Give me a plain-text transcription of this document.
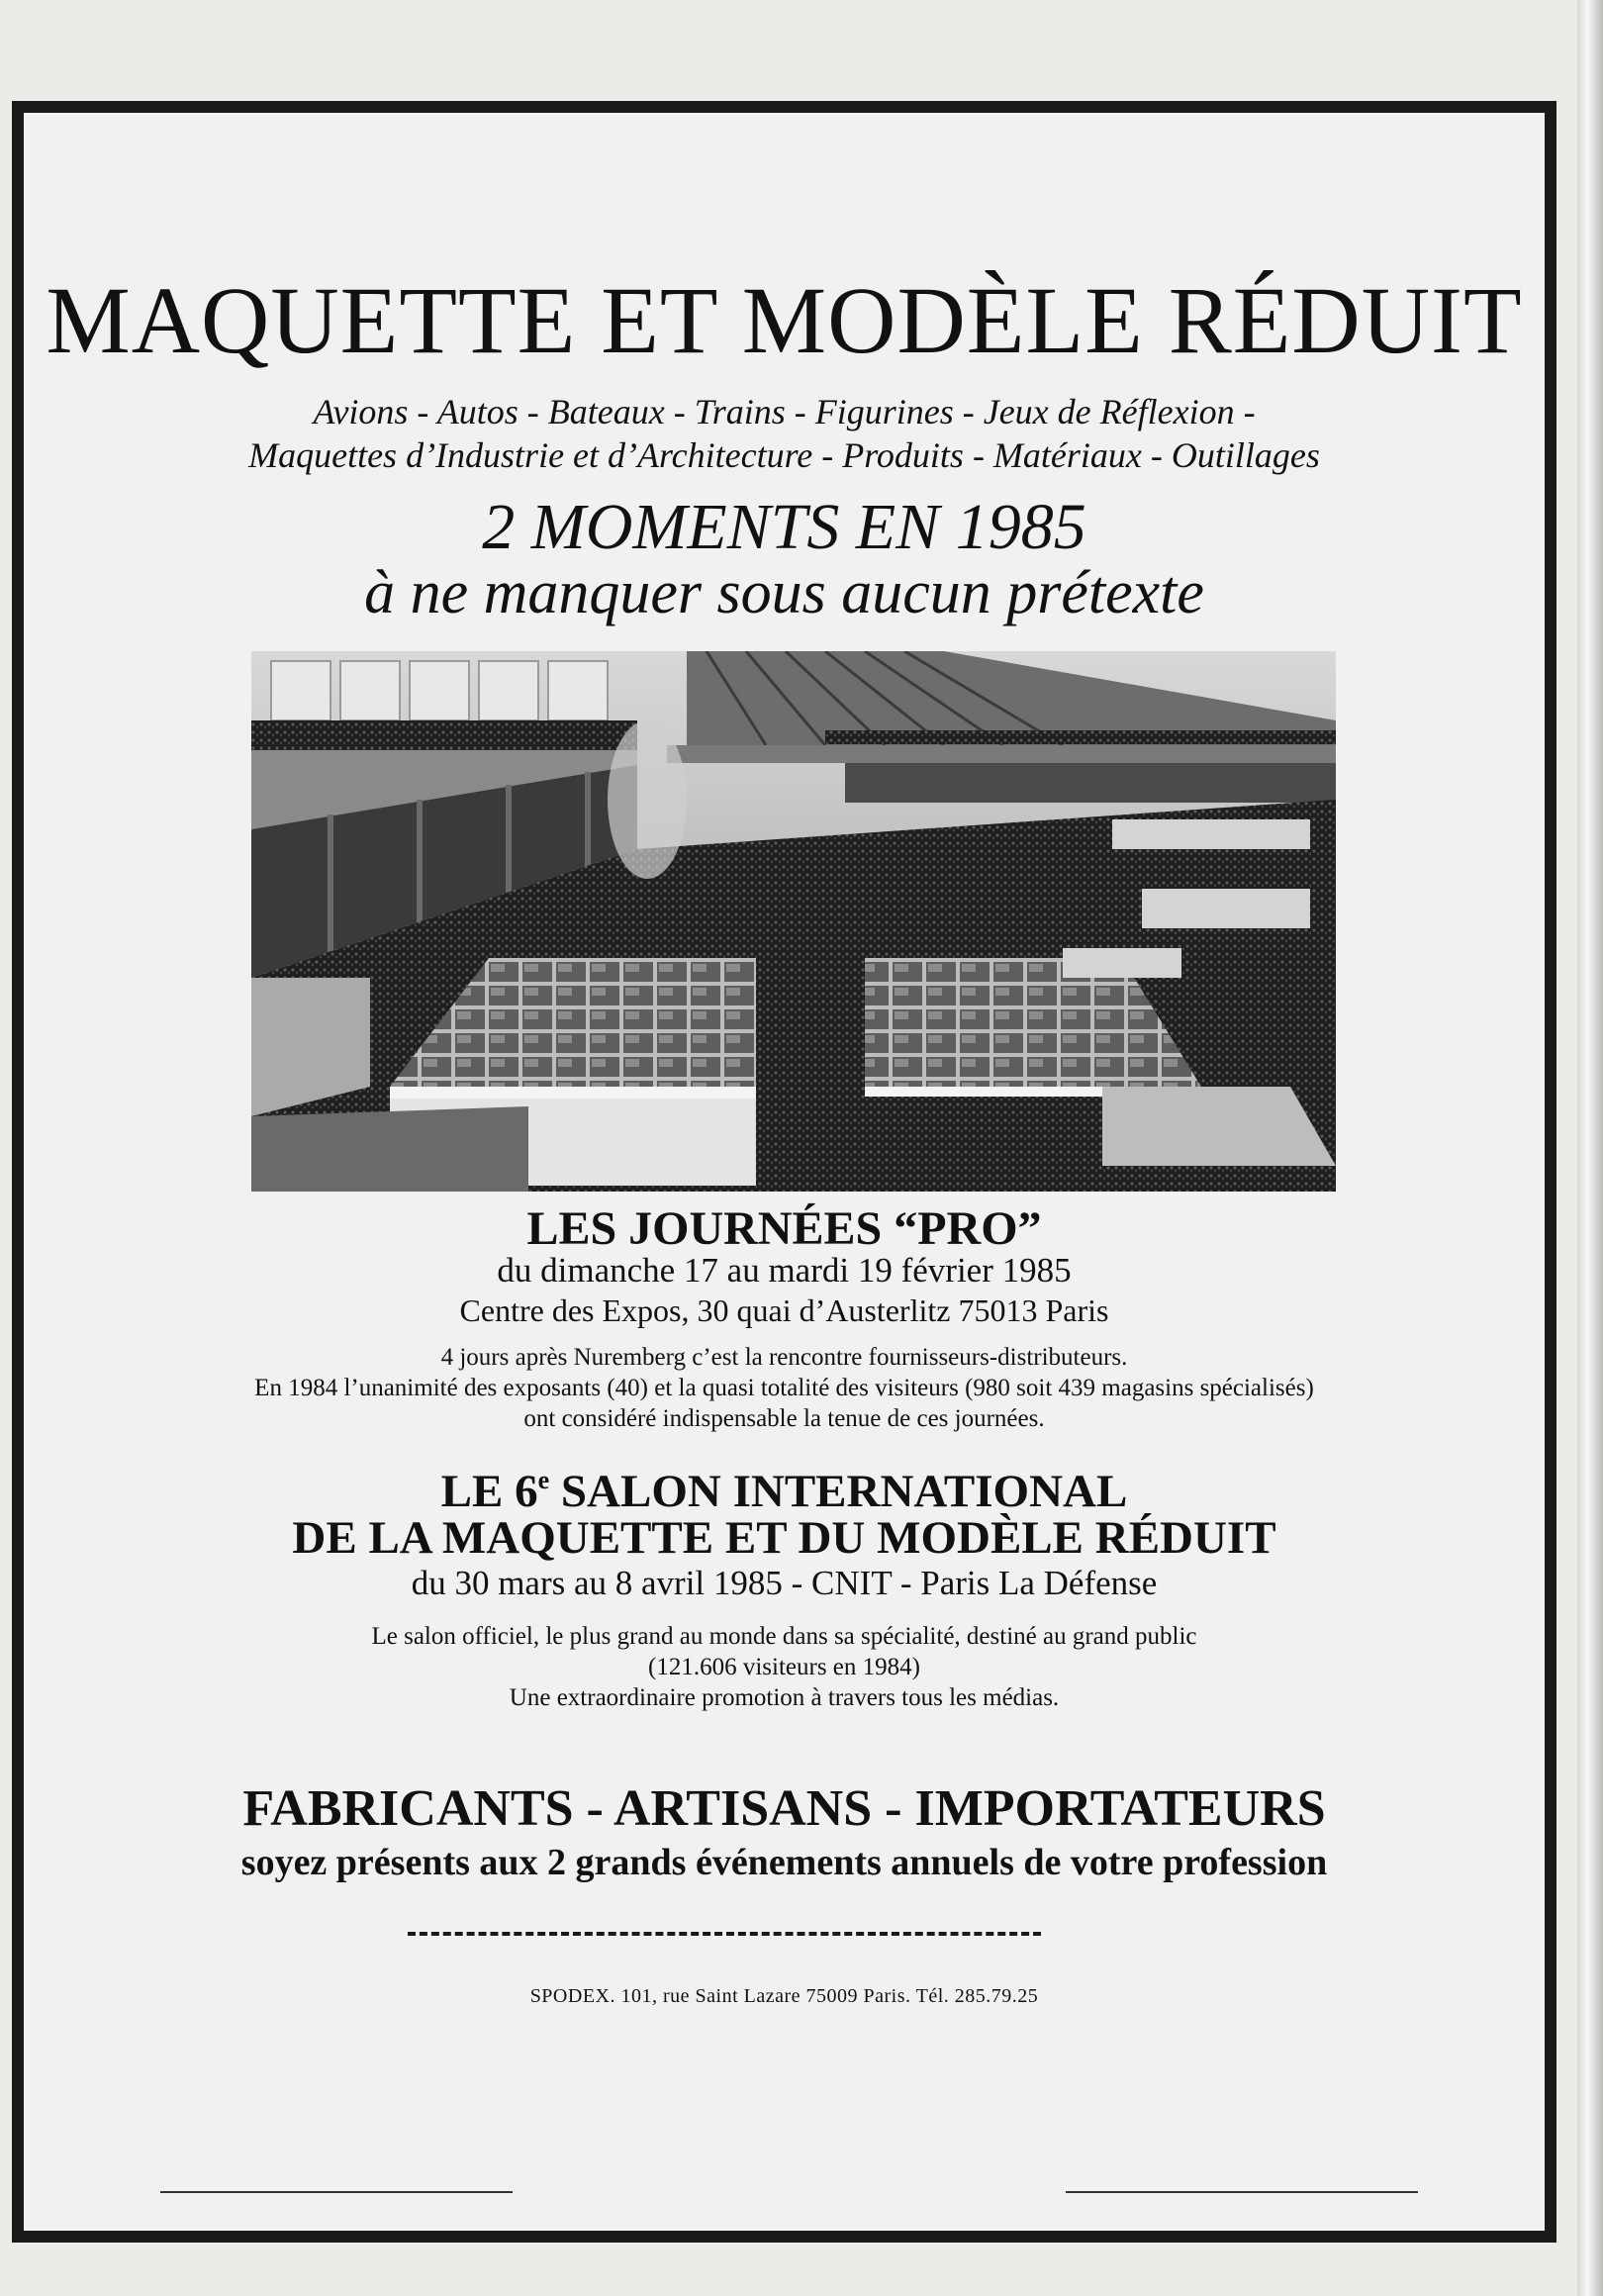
MAQUETTE ET MODÈLE RÉDUIT
Avions - Autos - Bateaux - Trains - Figurines - Jeux de Réflexion -
Maquettes d’Industrie et d’Architecture - Produits - Matériaux - Outillages
2 MOMENTS EN 1985
à ne manquer sous aucun prétexte
LES JOURNÉES “PRO”
du dimanche 17 au mardi 19 février 1985
Centre des Expos, 30 quai d’Austerlitz 75013 Paris
4 jours après Nuremberg c’est la rencontre fournisseurs-distributeurs.
En 1984 l’unanimité des exposants (40) et la quasi totalité des visiteurs (980 soit 439 magasins spécialisés)
ont considéré indispensable la tenue de ces journées.
LE 6e SALON INTERNATIONAL
DE LA MAQUETTE ET DU MODÈLE RÉDUIT
du 30 mars au 8 avril 1985 - CNIT - Paris La Défense
Le salon officiel, le plus grand au monde dans sa spécialité, destiné au grand public
(121.606 visiteurs en 1984)
Une extraordinaire promotion à travers tous les médias.
FABRICANTS - ARTISANS - IMPORTATEURS
soyez présents aux 2 grands événements annuels de votre profession
SPODEX. 101, rue Saint Lazare 75009 Paris. Tél. 285.79.25
